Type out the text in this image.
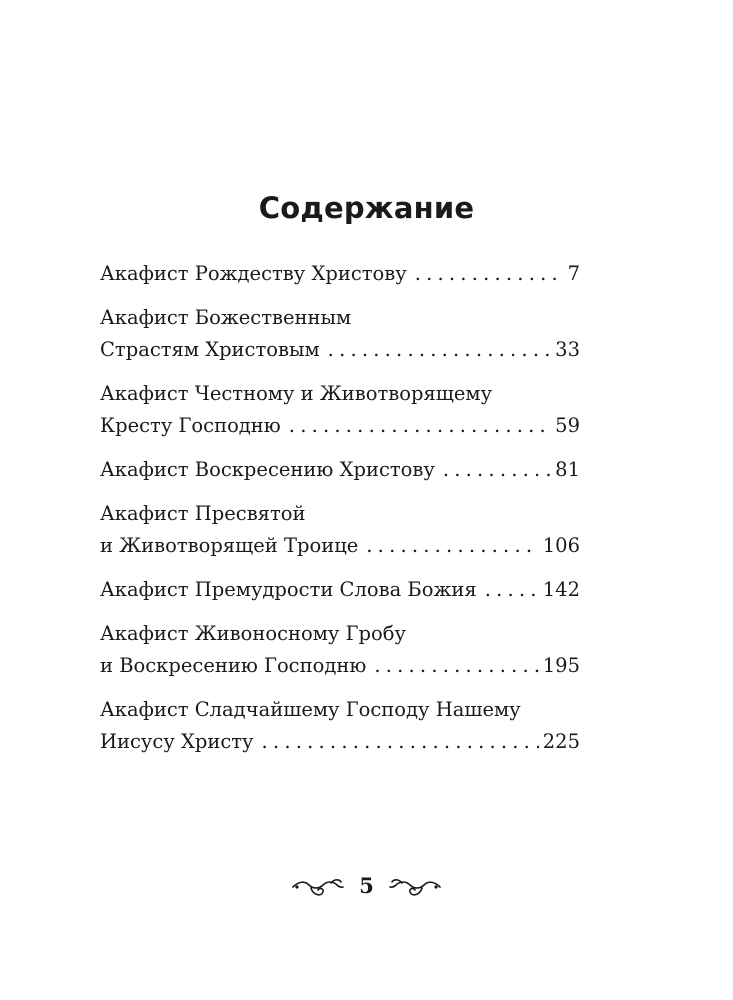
Содержание
Акафист Рождеству Христову . . .	7
Акафист Божественным
Страстям Христовым . . .	33
Акафист Честному и Животворящему
Кресту Господню . . .	59
Акафист Воскресению Христову . . .	81
Акафист Пресвятой
и Животворящей Троице . . .	106
Акафист Премудрости Слова Божия . . .	142
Акафист Живоносному Гробу
и Воскресению Господню . . .	195
Акафист Сладчайшему Господу Нашему
Иисусу Христу . . .	225
5
